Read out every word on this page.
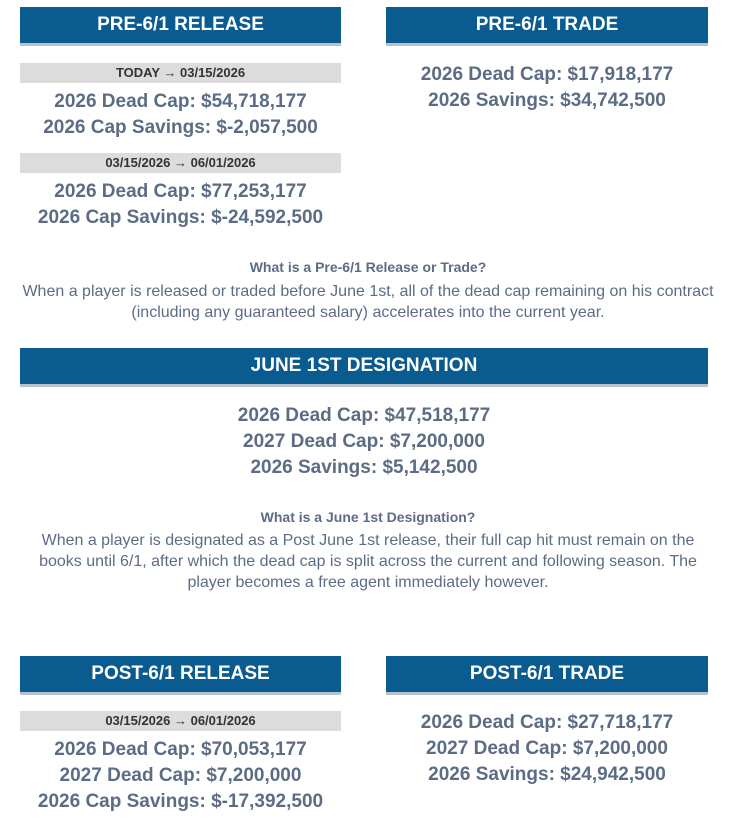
PRE-6/1 RELEASE
TODAY → 03/15/2026
2026 Dead Cap: $54,718,177
2026 Cap Savings: $-2,057,500
03/15/2026 → 06/01/2026
2026 Dead Cap: $77,253,177
2026 Cap Savings: $-24,592,500
PRE-6/1 TRADE
2026 Dead Cap: $17,918,177
2026 Savings: $34,742,500
What is a Pre-6/1 Release or Trade?
When a player is released or traded before June 1st, all of the dead cap remaining on his contract (including any guaranteed salary) accelerates into the current year.
JUNE 1ST DESIGNATION
2026 Dead Cap: $47,518,177
2027 Dead Cap: $7,200,000
2026 Savings: $5,142,500
What is a June 1st Designation?
When a player is designated as a Post June 1st release, their full cap hit must remain on the books until 6/1, after which the dead cap is split across the current and following season. The player becomes a free agent immediately however.
POST-6/1 RELEASE
03/15/2026 → 06/01/2026
2026 Dead Cap: $70,053,177
2027 Dead Cap: $7,200,000
2026 Cap Savings: $-17,392,500
POST-6/1 TRADE
2026 Dead Cap: $27,718,177
2027 Dead Cap: $7,200,000
2026 Savings: $24,942,500
